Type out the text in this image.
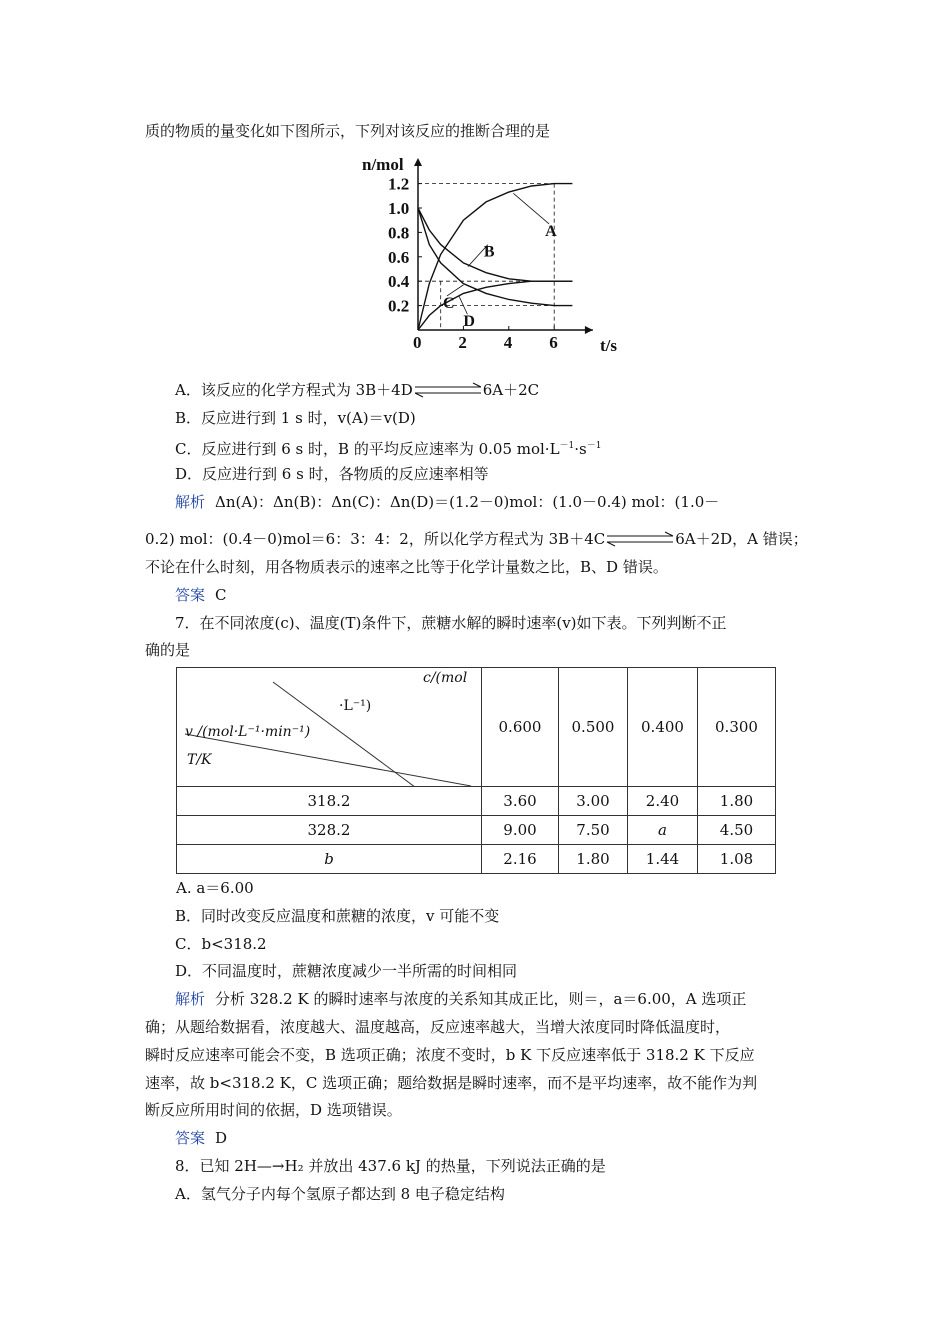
质的物质的量变化如下图所示，下列对该反应的推断合理的是
0 2 4 6
1.2
1.0
0.8
0.6
0.4
0.2
A
B
C
D
n/mol
t/s
A．该反应的化学方程式为 3B＋4D	6A＋2C
B．反应进行到 1 s 时，v(A)＝v(D)
C．反应进行到 6 s 时，B 的平均反应速率为 0.05 $mol\cdot L^{-1}\cdot s^{-1}$
D．反应进行到 6 s 时，各物质的反应速率相等
解析 Δn(A)：Δn(B)：Δn(C)：Δn(D)＝(1.2－0)mol：(1.0－0.4) mol：(1.0－
0.2) mol：(0.4－0)mol＝6：3：4：2，所以化学方程式为 3B＋4C	6A＋2D，A 错误；
不论在什么时刻，用各物质表示的速率之比等于化学计量数之比，B、D 错误。
答案 C
7．在不同浓度(c)、温度(T)条件下，蔗糖水解的瞬时速率(v)如下表。下列判断不正
确的是
c/(mol
·L⁻¹)
v /(mol·L⁻¹·min⁻¹)
T/K	0.600	0.500	0.400	0.300
318.2	3.60	3.00	2.40	1.80
328.2	9.00	7.50	a	4.50
b	2.16	1.80	1.44	1.08
A. a＝6.00
B．同时改变反应温度和蔗糖的浓度，v 可能不变
C．b<318.2
D．不同温度时，蔗糖浓度减少一半所需的时间相同
解析 分析 328.2 K 的瞬时速率与浓度的关系知其成正比，则＝，a＝6.00，A 选项正
确；从题给数据看，浓度越大、温度越高，反应速率越大，当增大浓度同时降低温度时，
瞬时反应速率可能会不变，B 选项正确；浓度不变时，b K 下反应速率低于 318.2 K 下反应
速率，故 b<318.2 K，C 选项正确；题给数据是瞬时速率，而不是平均速率，故不能作为判
断反应所用时间的依据，D 选项错误。
答案 D
8．已知 2H—→H₂ 并放出 437.6 kJ 的热量，下列说法正确的是
A．氢气分子内每个氢原子都达到 8 电子稳定结构
